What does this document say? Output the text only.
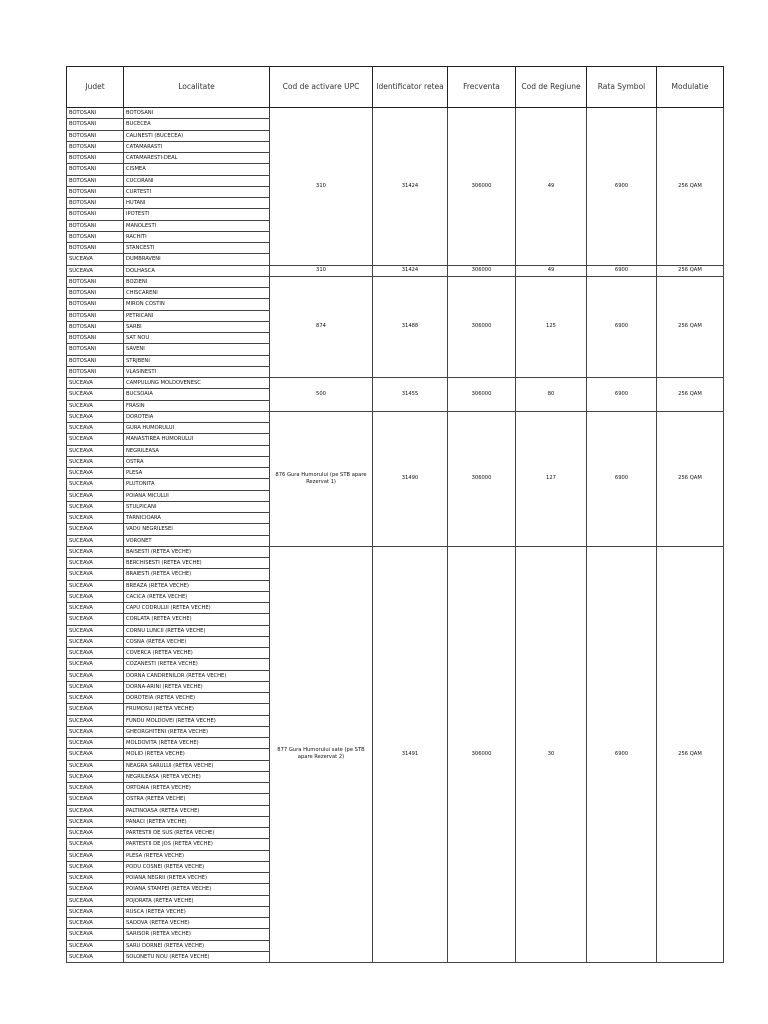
Judet	Localitate	Cod de activare UPC	Identificator retea	Frecventa	Cod de Regiune	Rata Symbol	Modulatie
BOTOSANI	BOTOSANI	310	31424	306000	49	6900	256 QAM
BOTOSANI	BUCECEA						
BOTOSANI	CALINESTI (BUCECEA)						
BOTOSANI	CATAMARASTI						
BOTOSANI	CATAMARESTI-DEAL						
BOTOSANI	CISMEA						
BOTOSANI	CUCORANI						
BOTOSANI	CURTESTI						
BOTOSANI	HUTANI						
BOTOSANI	IPOTESTI						
BOTOSANI	MANOLESTI						
BOTOSANI	RACHITI						
BOTOSANI	STANCESTI						
SUCEAVA	DUMBRAVENI						
SUCEAVA	DOLHASCA	310	31424	306000	49	6900	256 QAM
BOTOSANI	BOZIENI	874	31488	306000	125	6900	256 QAM
BOTOSANI	CHISCARENI						
BOTOSANI	MIRON COSTIN						
BOTOSANI	PETRICANI						
BOTOSANI	SARBI						
BOTOSANI	SAT NOU						
BOTOSANI	SAVENI						
BOTOSANI	STRJBENI						
BOTOSANI	VLASINESTI						
SUCEAVA	CAMPULUNG MOLDOVENESC	500	31455	306000	80	6900	256 QAM
SUCEAVA	BUCSOAIA						
SUCEAVA	FRASIN						
SUCEAVA	DOROTEIA	876 Gura Humorului (pe STB apare Rezervat 1)	31490	306000	127	6900	256 QAM
SUCEAVA	GURA HUMORULUI						
SUCEAVA	MANASTIREA HUMORULUI						
SUCEAVA	NEGRILEASA						
SUCEAVA	OSTRA						
SUCEAVA	PLESA						
SUCEAVA	PLUTONITA						
SUCEAVA	POIANA MICULUI						
SUCEAVA	STULPICANI						
SUCEAVA	TARNICIOARA						
SUCEAVA	VADU NEGRILESEI						
SUCEAVA	VORONET						
SUCEAVA	BAISESTI (RETEA VECHE)	877 Gura Humorului sate (pe STB apare Rezervat 2)	31491	306000	30	6900	256 QAM
SUCEAVA	BERCHISESTI (RETEA VECHE)						
SUCEAVA	BRAIESTI (RETEA VECHE)						
SUCEAVA	BREAZA (RETEA VECHE)						
SUCEAVA	CACICA (RETEA VECHE)						
SUCEAVA	CAPU CODRULUI (RETEA VECHE)						
SUCEAVA	CORLATA (RETEA VECHE)						
SUCEAVA	CORNU LUNCII (RETEA VECHE)						
SUCEAVA	COSNA (RETEA VECHE)						
SUCEAVA	COVERCA (RETEA VECHE)						
SUCEAVA	COZANESTI (RETEA VECHE)						
SUCEAVA	DORNA CANDRENILOR (RETEA VECHE)						
SUCEAVA	DORNA-ARINI (RETEA VECHE)						
SUCEAVA	DOROTEIA (RETEA VECHE)						
SUCEAVA	FRUMOSU (RETEA VECHE)						
SUCEAVA	FUNDU MOLDOVEI (RETEA VECHE)						
SUCEAVA	GHEORGHITENI (RETEA VECHE)						
SUCEAVA	MOLDOVITA (RETEA VECHE)						
SUCEAVA	MOLID (RETEA VECHE)						
SUCEAVA	NEAGRA SARULUI (RETEA VECHE)						
SUCEAVA	NEGRILEASA (RETEA VECHE)						
SUCEAVA	ORTOAIA (RETEA VECHE)						
SUCEAVA	OSTRA (RETEA VECHE)						
SUCEAVA	PALTINOASA (RETEA VECHE)						
SUCEAVA	PANACI (RETEA VECHE)						
SUCEAVA	PARTESTII DE SUS (RETEA VECHE)						
SUCEAVA	PARTESTII DE JOS (RETEA VECHE)						
SUCEAVA	PLESA (RETEA VECHE)						
SUCEAVA	PODU COSNEI (RETEA VECHE)						
SUCEAVA	POIANA NEGRII (RETEA VECHE)						
SUCEAVA	POIANA STAMPEI (RETEA VECHE)						
SUCEAVA	POJORATA (RETEA VECHE)						
SUCEAVA	RUSCA (RETEA VECHE)						
SUCEAVA	SADOVA (RETEA VECHE)						
SUCEAVA	SARISOR (RETEA VECHE)						
SUCEAVA	SARU DORNEI (RETEA VECHE)						
SUCEAVA	SOLONETU NOU (RETEA VECHE)						
